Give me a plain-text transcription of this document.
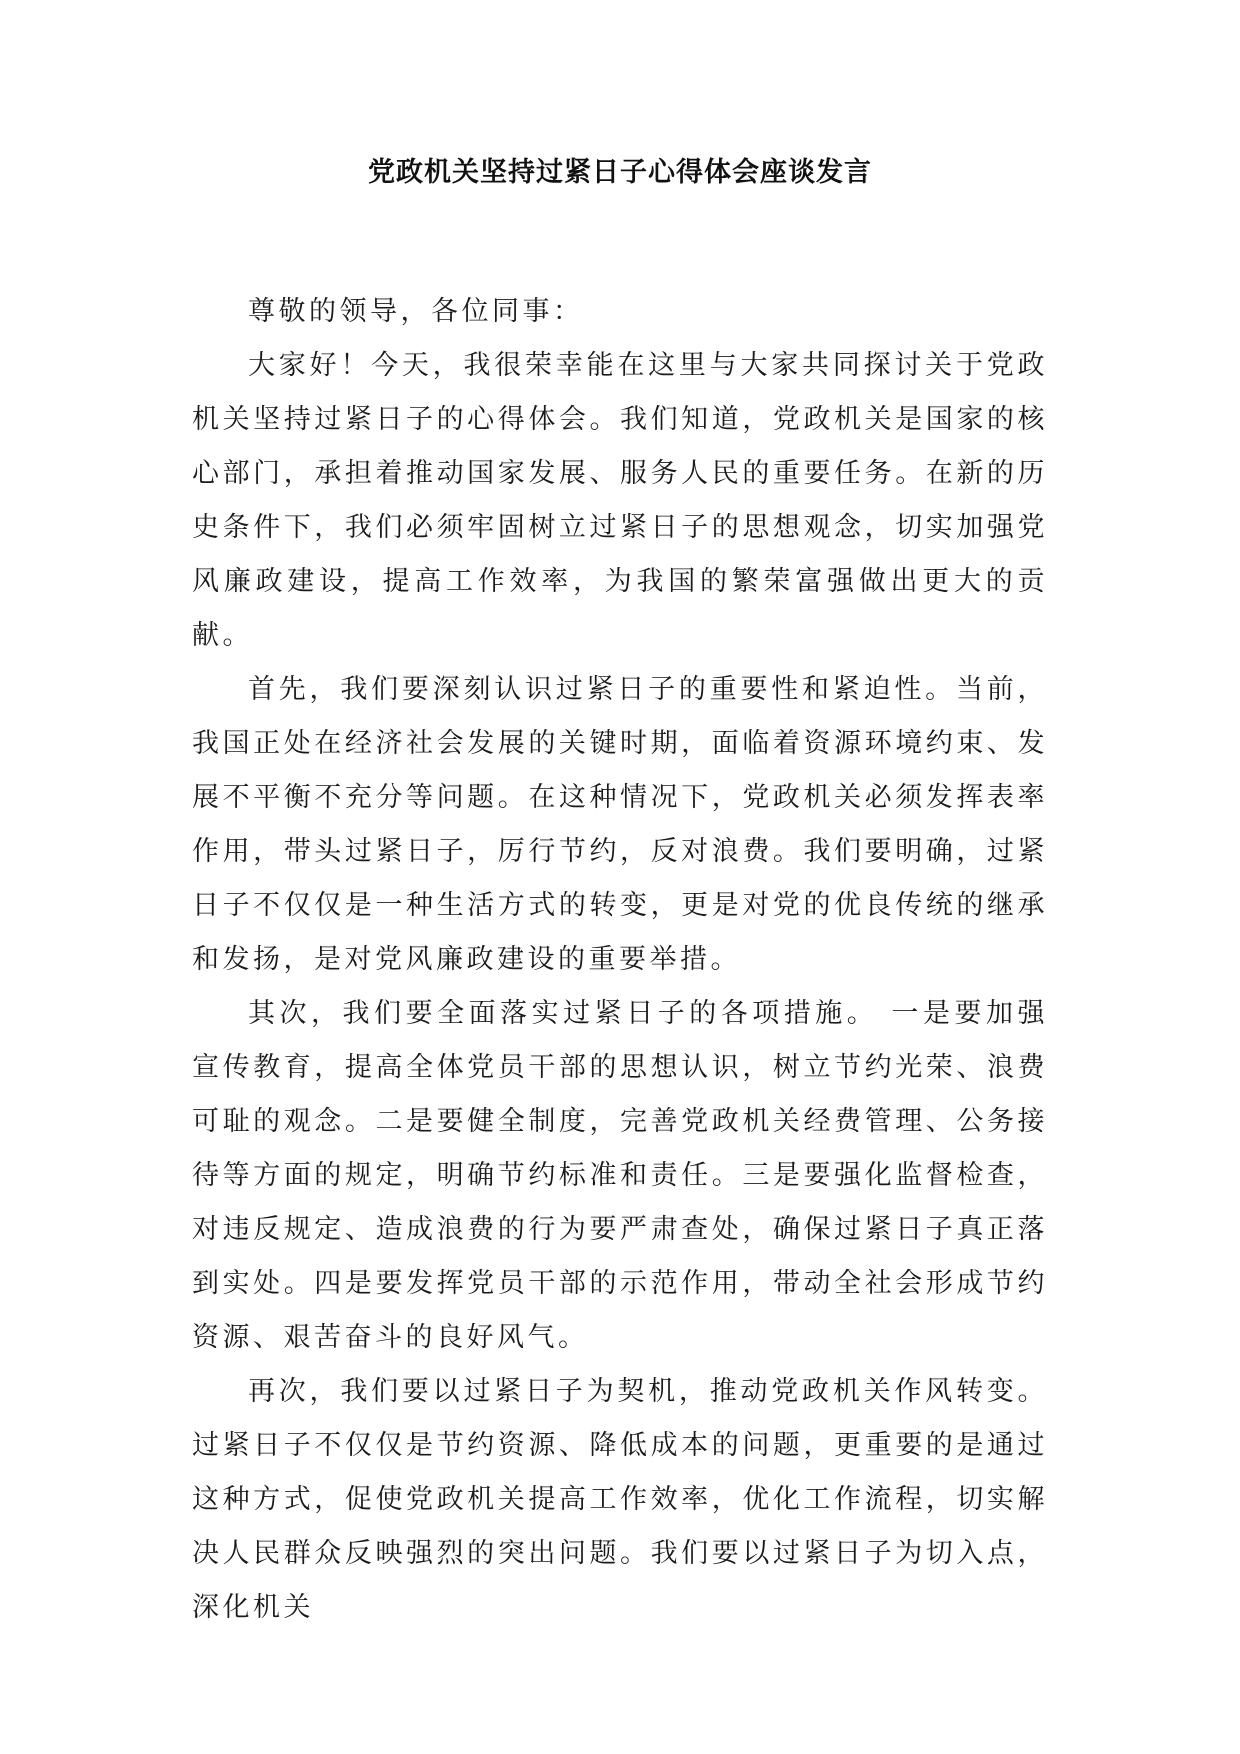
党政机关坚持过紧日子心得体会座谈发言

尊敬的领导，各位同事：

大家好！今天，我很荣幸能在这里与大家共同探讨关于党政机关坚持过紧日子的心得体会。我们知道，党政机关是国家的核心部门，承担着推动国家发展、服务人民的重要任务。在新的历史条件下，我们必须牢固树立过紧日子的思想观念，切实加强党风廉政建设，提高工作效率，为我国的繁荣富强做出更大的贡献。

首先，我们要深刻认识过紧日子的重要性和紧迫性。当前，我国正处在经济社会发展的关键时期，面临着资源环境约束、发展不平衡不充分等问题。在这种情况下，党政机关必须发挥表率作用，带头过紧日子，厉行节约，反对浪费。我们要明确，过紧日子不仅仅是一种生活方式的转变，更是对党的优良传统的继承和发扬，是对党风廉政建设的重要举措。

其次，我们要全面落实过紧日子的各项措施。 一是要加强宣传教育，提高全体党员干部的思想认识，树立节约光荣、浪费可耻的观念。二是要健全制度，完善党政机关经费管理、公务接待等方面的规定，明确节约标准和责任。三是要强化监督检查，对违反规定、造成浪费的行为要严肃查处，确保过紧日子真正落到实处。四是要发挥党员干部的示范作用，带动全社会形成节约资源、艰苦奋斗的良好风气。

再次，我们要以过紧日子为契机，推动党政机关作风转变。过紧日子不仅仅是节约资源、降低成本的问题，更重要的是通过这种方式，促使党政机关提高工作效率，优化工作流程，切实解决人民群众反映强烈的突出问题。我们要以过紧日子为切入点，深化机关
